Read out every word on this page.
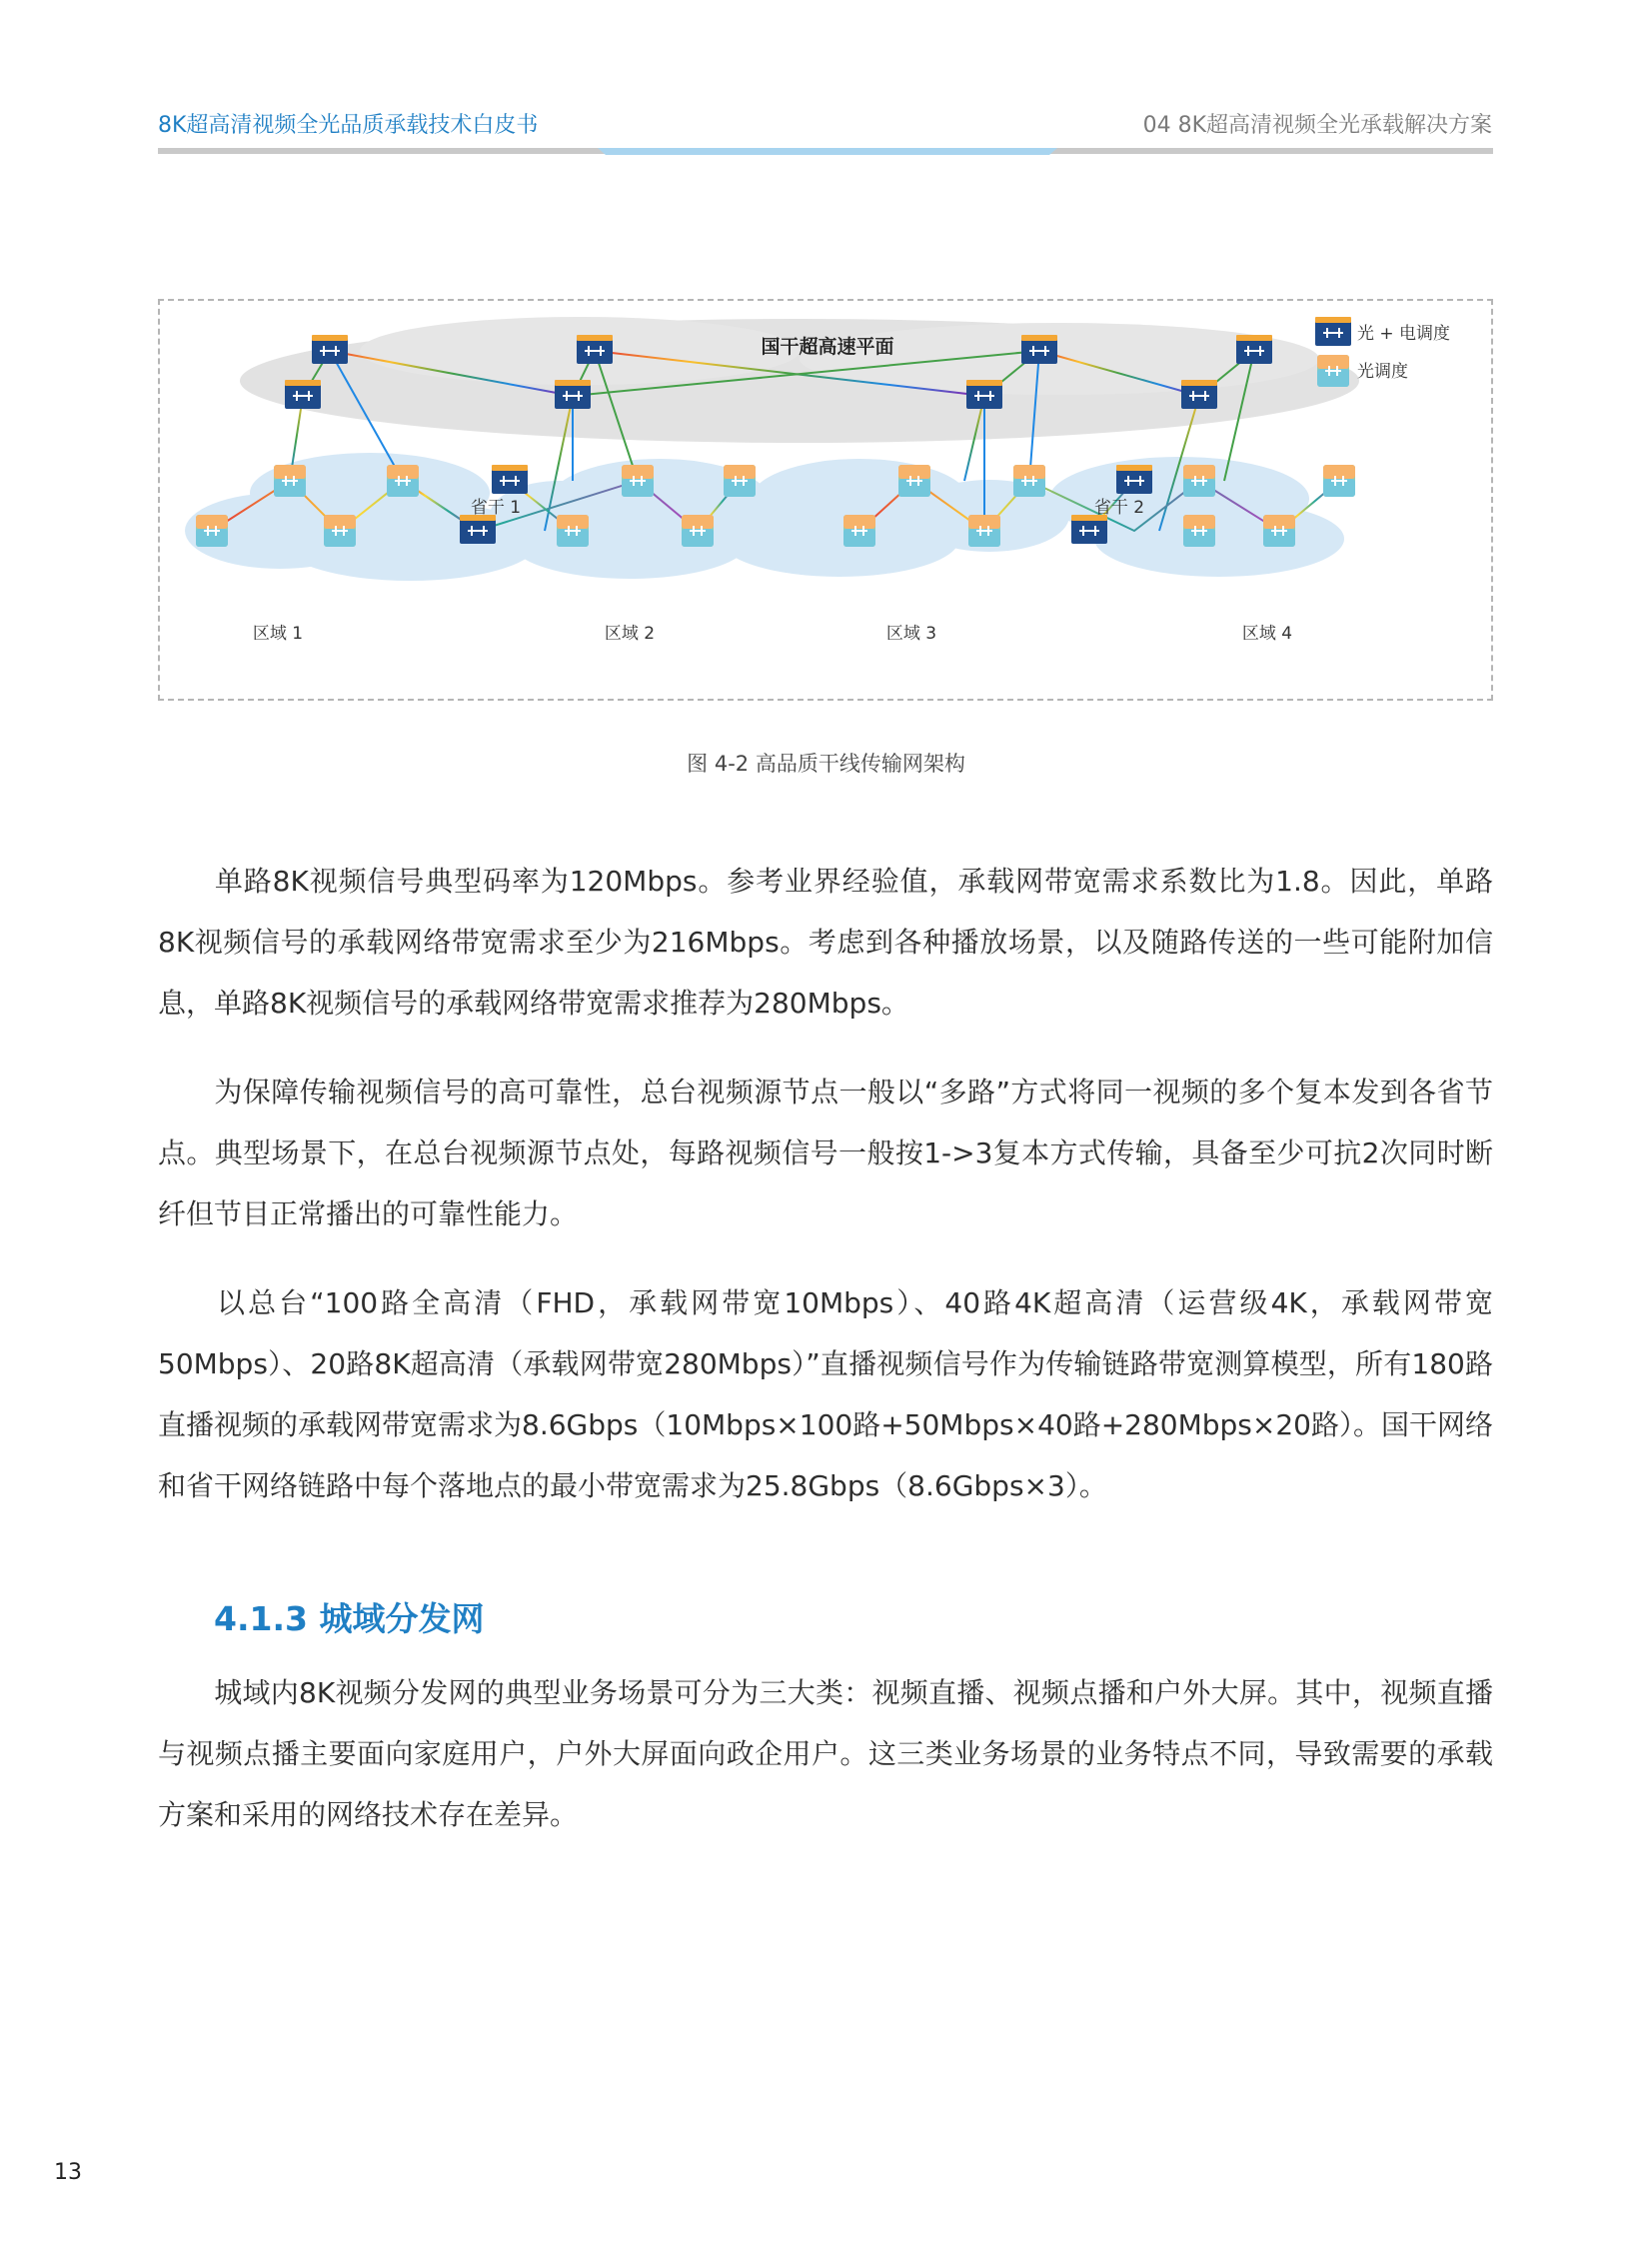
8K超高清视频全光品质承载技术白皮书	04 8K超高清视频全光承载解决方案
国干超高速平面
省干 1	省干 2
区域 1	区域 2	区域 3	区域 4
光 + 电调度
光调度
图 4-2 高品质干线传输网架构
单路8K视频信号典型码率为120Mbps。参考业界经验值，承载网带宽需求系数比为1.8。因此，单路8K视频信号的承载网络带宽需求至少为216Mbps。考虑到各种播放场景，以及随路传送的一些可能附加信息，单路8K视频信号的承载网络带宽需求推荐为280Mbps。
为保障传输视频信号的高可靠性，总台视频源节点一般以“多路”方式将同一视频的多个复本发到各省节点。典型场景下，在总台视频源节点处，每路视频信号一般按1->3复本方式传输，具备至少可抗2次同时断纤但节目正常播出的可靠性能力。
以总台“100路全高清（FHD，承载网带宽10Mbps）、40路4K超高清（运营级4K，承载网带宽50Mbps）、20路8K超高清（承载网带宽280Mbps）”直播视频信号作为传输链路带宽测算模型，所有180路直播视频的承载网带宽需求为8.6Gbps（10Mbps×100路+50Mbps×40路+280Mbps×20路）。国干网络和省干网络链路中每个落地点的最小带宽需求为25.8Gbps（8.6Gbps×3）。
4.1.3 城域分发网
城域内8K视频分发网的典型业务场景可分为三大类：视频直播、视频点播和户外大屏。其中，视频直播与视频点播主要面向家庭用户，户外大屏面向政企用户。这三类业务场景的业务特点不同，导致需要的承载方案和采用的网络技术存在差异。
13
